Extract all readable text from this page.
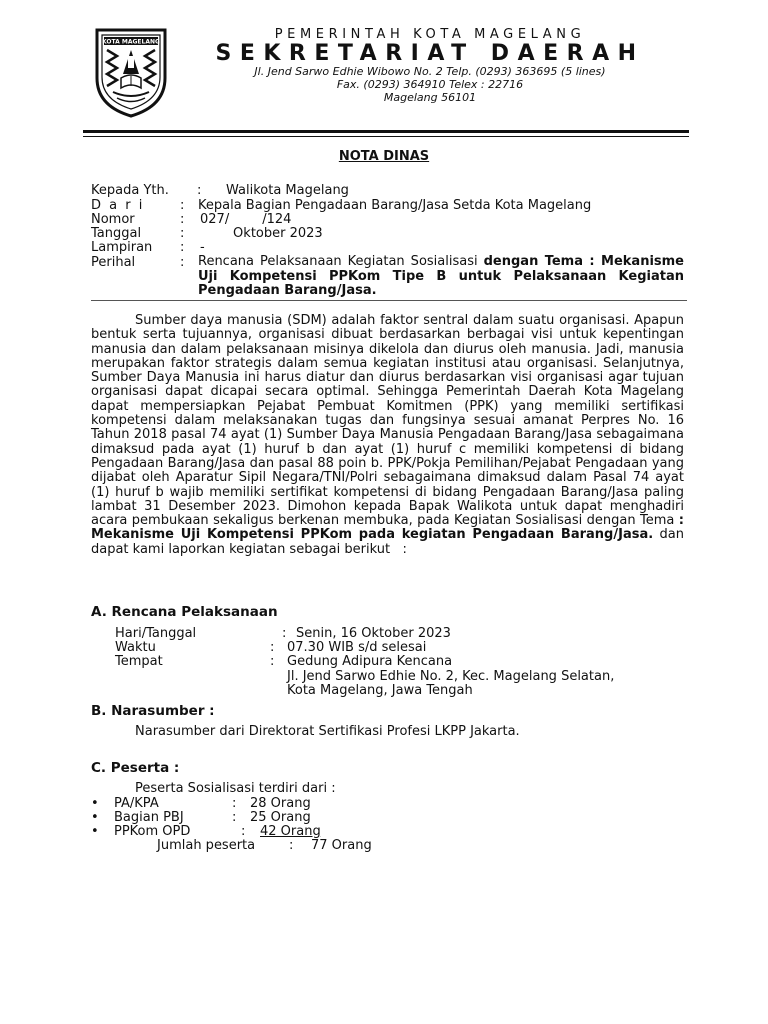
KOTA MAGELANG	PEMERINTAH KOTA MAGELANG
SEKRETARIAT DAERAH
Jl. Jend Sarwo Edhie Wibowo No. 2 Telp. (0293) 363695 (5 lines)
Fax. (0293) 364910 Telex : 22716
Magelang 56101
NOTA DINAS
Kepada Yth. : Walikota Magelang
D a r i	: Kepala Bagian Pengadaan Barang/Jasa Setda Kota Magelang
Nomor	: 027/        /124
Tanggal	: Oktober 2023
Lampiran : -
Perihal	: Rencana Pelaksanaan Kegiatan Sosialisasi dengan Tema : Mekanisme Uji Kompetensi PPKom Tipe B untuk Pelaksanaan Kegiatan Pengadaan Barang/Jasa.
Sumber daya manusia (SDM) adalah faktor sentral dalam suatu organisasi. Apapun bentuk serta tujuannya, organisasi dibuat berdasarkan berbagai visi untuk kepentingan manusia dan dalam pelaksanaan misinya dikelola dan diurus oleh manusia. Jadi, manusia merupakan faktor strategis dalam semua kegiatan institusi atau organisasi. Selanjutnya, Sumber Daya Manusia ini harus diatur dan diurus berdasarkan visi organisasi agar tujuan organisasi dapat dicapai secara optimal. Sehingga Pemerintah Daerah Kota Magelang dapat mempersiapkan Pejabat Pembuat Komitmen (PPK) yang memiliki sertifikasi kompetensi dalam melaksanakan tugas dan fungsinya sesuai amanat Perpres No. 16 Tahun 2018 pasal 74 ayat (1) Sumber Daya Manusia Pengadaan Barang/Jasa sebagaimana dimaksud pada ayat (1) huruf b dan ayat (1) huruf c memiliki kompetensi di bidang Pengadaan Barang/Jasa dan pasal 88 poin b. PPK/Pokja Pemilihan/Pejabat Pengadaan yang dijabat oleh Aparatur Sipil Negara/TNI/Polri sebagaimana dimaksud dalam Pasal 74 ayat (1) huruf b wajib memiliki sertifikat kompetensi di bidang Pengadaan Barang/Jasa paling lambat 31 Desember 2023. Dimohon kepada Bapak Walikota untuk dapat menghadiri acara pembukaan sekaligus berkenan membuka, pada Kegiatan Sosialisasi dengan Tema : Mekanisme Uji Kompetensi PPKom pada kegiatan Pengadaan Barang/Jasa. dan dapat kami laporkan kegiatan sebagai berikut   :
A. Rencana Pelaksanaan
Hari/Tanggal	: Senin, 16 Oktober 2023
Waktu	: 07.30 WIB s/d selesai
Tempat	: Gedung Adipura Kencana
Jl. Jend Sarwo Edhie No. 2, Kec. Magelang Selatan,
Kota Magelang, Jawa Tengah
B. Narasumber :
Narasumber dari Direktorat Sertifikasi Profesi LKPP Jakarta.
C. Peserta :
Peserta Sosialisasi terdiri dari :
• PA/KPA	: 28 Orang
• Bagian PBJ	: 25 Orang
• PPKom OPD	: 42 Orang
Jumlah peserta	: 77 Orang
